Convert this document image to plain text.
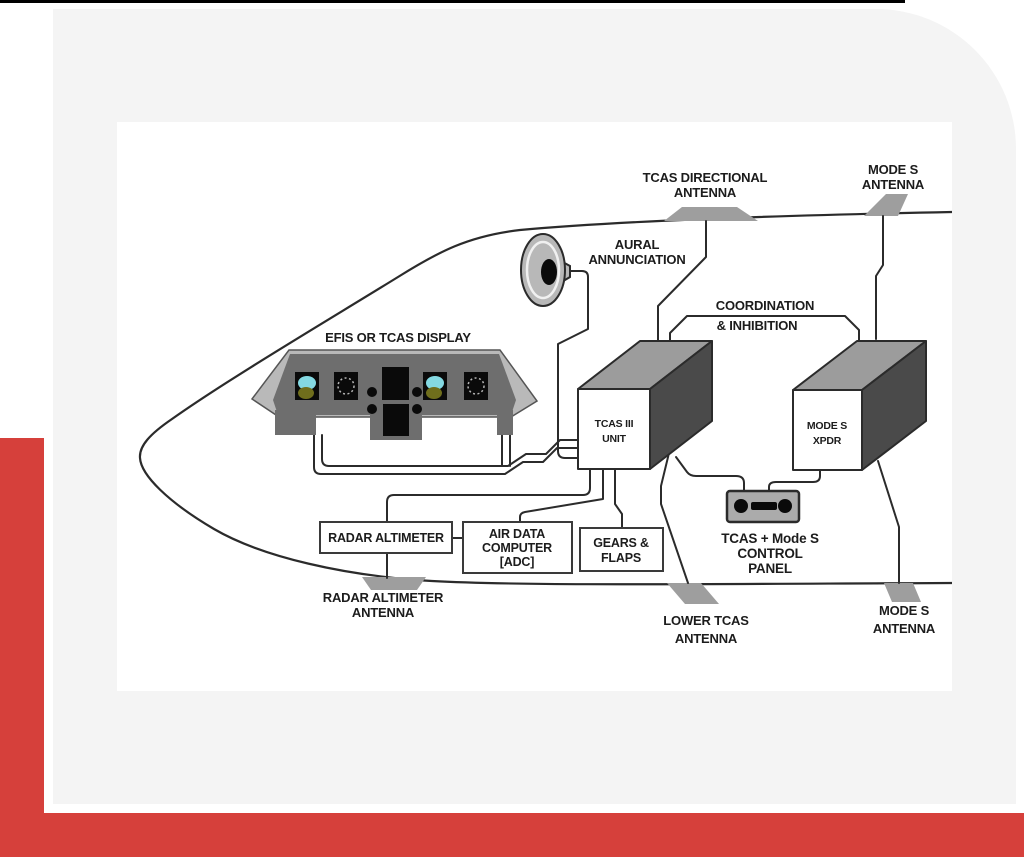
TCAS DIRECTIONAL
ANTENNA
MODE S
ANTENNA
AURAL
ANNUNCIATION
EFIS OR TCAS DISPLAY
COORDINATION
& INHIBITION
TCAS III
UNIT
MODE S
XPDR
RADAR ALTIMETER	AIR DATA
COMPUTER
[ADC]
GEARS &
FLAPS
TCAS + Mode S
CONTROL
PANEL
RADAR ALTIMETER
ANTENNA
LOWER TCAS
ANTENNA
MODE S
ANTENNA
